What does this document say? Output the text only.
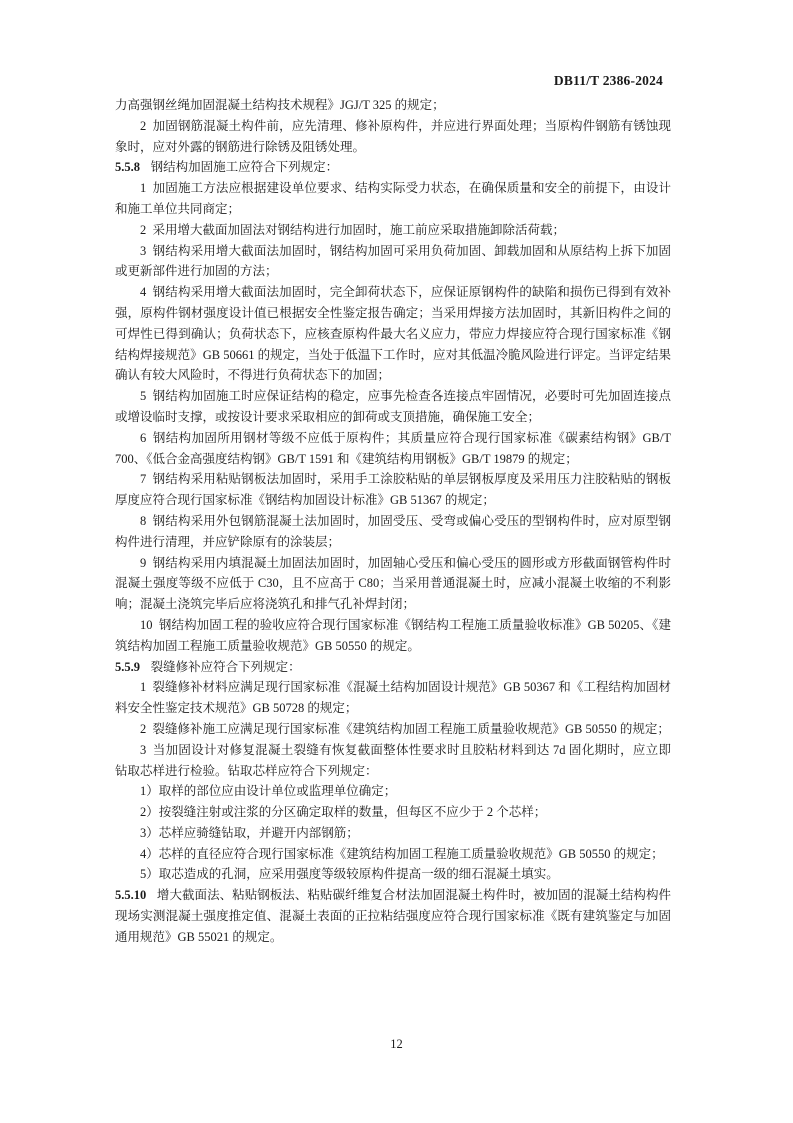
DB11/T 2386-2024

力高强钢丝绳加固混凝土结构技术规程》JGJ/T 325 的规定；

2 加固钢筋混凝土构件前，应先清理、修补原构件，并应进行界面处理；当原构件钢筋有锈蚀现象时，应对外露的钢筋进行除锈及阻锈处理。

5.5.8 钢结构加固施工应符合下列规定：

1 加固施工方法应根据建设单位要求、结构实际受力状态，在确保质量和安全的前提下，由设计和施工单位共同商定；

2 采用增大截面加固法对钢结构进行加固时，施工前应采取措施卸除活荷载；

3 钢结构采用增大截面法加固时，钢结构加固可采用负荷加固、卸载加固和从原结构上拆下加固或更新部件进行加固的方法；

4 钢结构采用增大截面法加固时，完全卸荷状态下，应保证原钢构件的缺陷和损伤已得到有效补强，原构件钢材强度设计值已根据安全性鉴定报告确定；当采用焊接方法加固时，其新旧构件之间的可焊性已得到确认；负荷状态下，应核查原构件最大名义应力，带应力焊接应符合现行国家标准《钢结构焊接规范》GB 50661 的规定，当处于低温下工作时，应对其低温冷脆风险进行评定。当评定结果确认有较大风险时，不得进行负荷状态下的加固；

5 钢结构加固施工时应保证结构的稳定，应事先检查各连接点牢固情况，必要时可先加固连接点或增设临时支撑，或按设计要求采取相应的卸荷或支顶措施，确保施工安全；

6 钢结构加固所用钢材等级不应低于原构件；其质量应符合现行国家标准《碳素结构钢》GB/T 700、《低合金高强度结构钢》GB/T 1591 和《建筑结构用钢板》GB/T 19879 的规定；

7 钢结构采用粘贴钢板法加固时，采用手工涂胶粘贴的单层钢板厚度及采用压力注胶粘贴的钢板厚度应符合现行国家标准《钢结构加固设计标准》GB 51367 的规定；

8 钢结构采用外包钢筋混凝土法加固时，加固受压、受弯或偏心受压的型钢构件时，应对原型钢构件进行清理，并应铲除原有的涂装层；

9 钢结构采用内填混凝土加固法加固时，加固轴心受压和偏心受压的圆形或方形截面钢管构件时混凝土强度等级不应低于 C30，且不应高于 C80；当采用普通混凝土时，应减小混凝土收缩的不利影响；混凝土浇筑完毕后应将浇筑孔和排气孔补焊封闭；

10 钢结构加固工程的验收应符合现行国家标准《钢结构工程施工质量验收标准》GB 50205、《建筑结构加固工程施工质量验收规范》GB 50550 的规定。

5.5.9 裂缝修补应符合下列规定：

1 裂缝修补材料应满足现行国家标准《混凝土结构加固设计规范》GB 50367 和《工程结构加固材料安全性鉴定技术规范》GB 50728 的规定；

2 裂缝修补施工应满足现行国家标准《建筑结构加固工程施工质量验收规范》GB 50550 的规定；

3 当加固设计对修复混凝土裂缝有恢复截面整体性要求时且胶粘材料到达 7d 固化期时，应立即钻取芯样进行检验。钻取芯样应符合下列规定：

1）取样的部位应由设计单位或监理单位确定；

2）按裂缝注射或注浆的分区确定取样的数量，但每区不应少于 2 个芯样；

3）芯样应骑缝钻取，并避开内部钢筋；

4）芯样的直径应符合现行国家标准《建筑结构加固工程施工质量验收规范》GB 50550 的规定；

5）取芯造成的孔洞，应采用强度等级较原构件提高一级的细石混凝土填实。

5.5.10 增大截面法、粘贴钢板法、粘贴碳纤维复合材法加固混凝土构件时，被加固的混凝土结构构件现场实测混凝土强度推定值、混凝土表面的正拉粘结强度应符合现行国家标准《既有建筑鉴定与加固通用规范》GB 55021 的规定。

12
